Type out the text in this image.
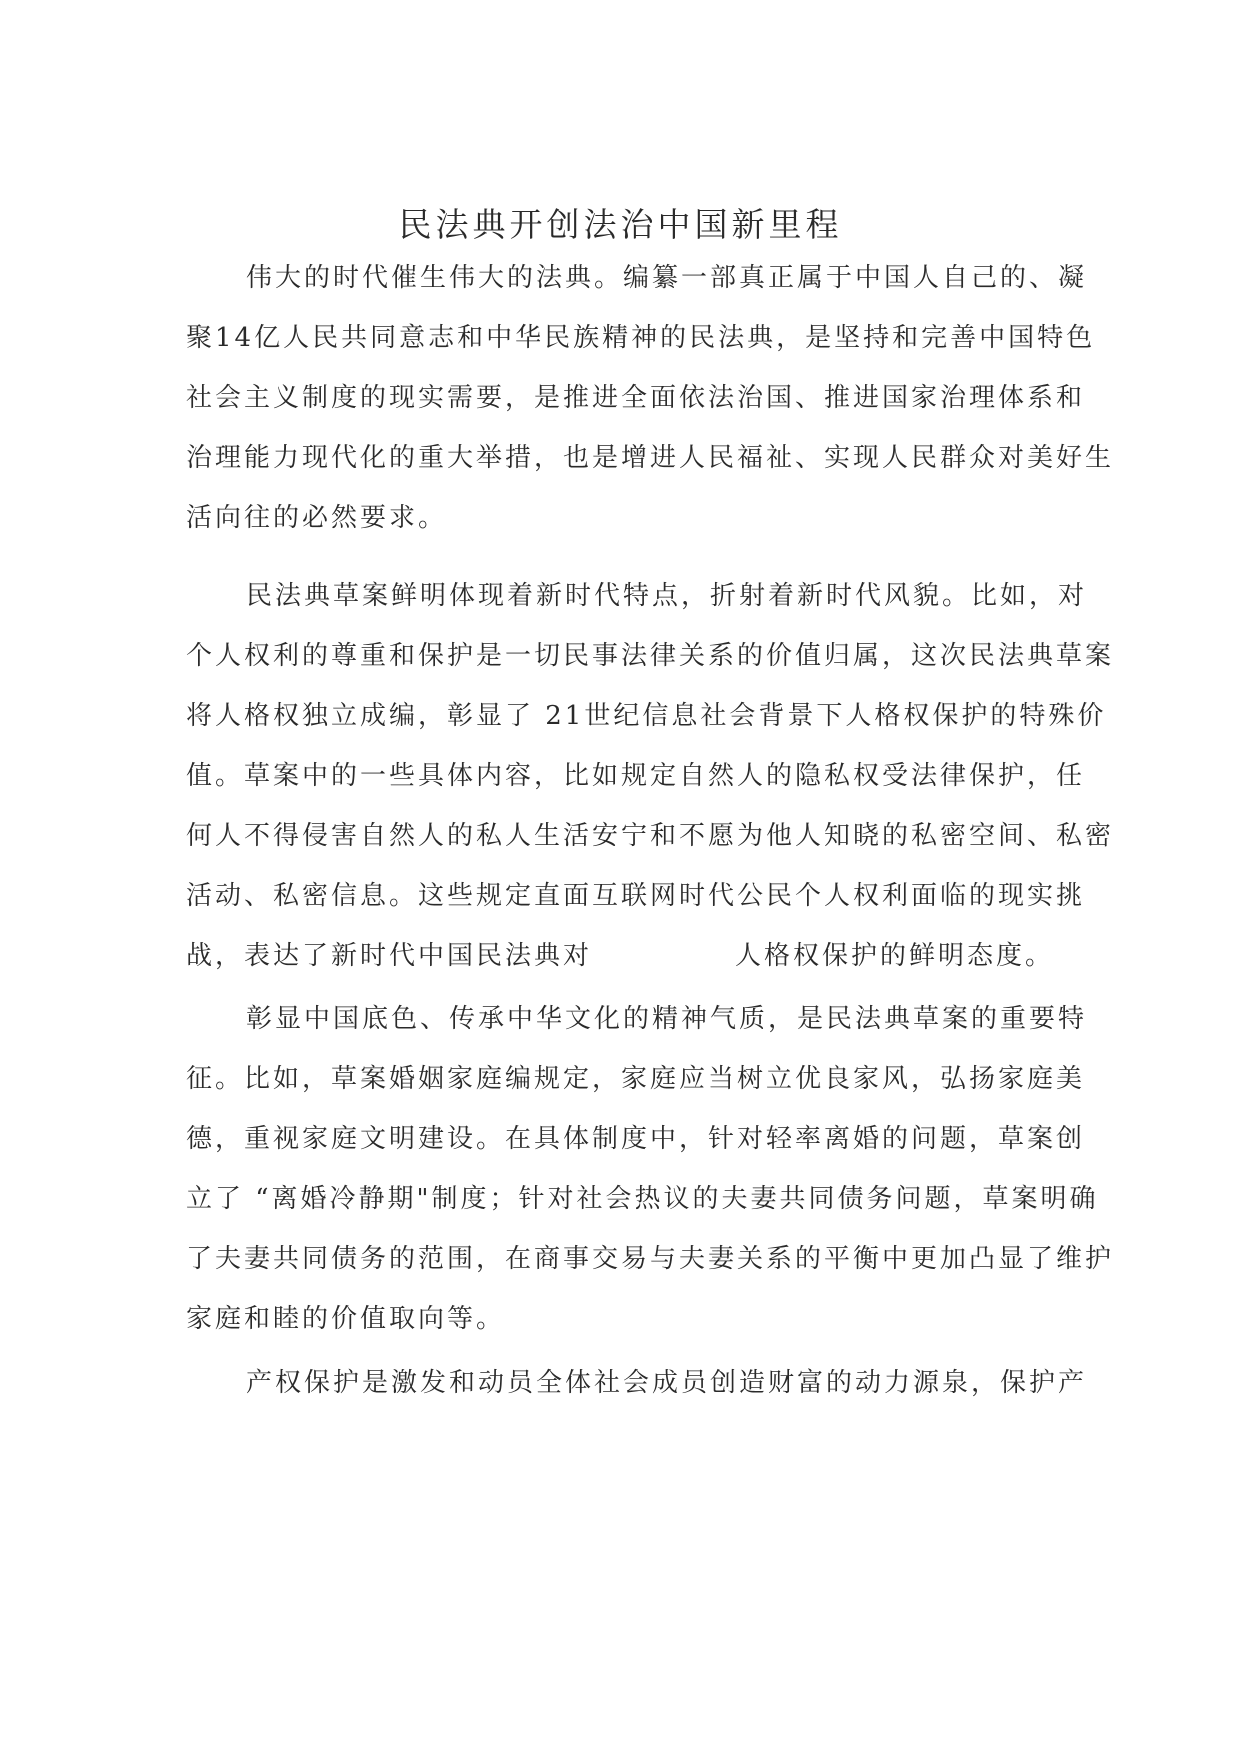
民法典开创法治中国新里程

伟大的时代催生伟大的法典。编纂一部真正属于中国人自己 的、凝

聚14亿人民共同意志和中华民族精神的民法典，是坚持和完 善中国特色

社会主义制度的现实需要，是推进全面依法治国、推进 国家治理体系和

治理能力现代化的重大举措，也是增进人民福祉、 实现人民群众对美好生

活向往的必然要求。

民法典草案鲜明体现着新时代特点，折射着新时代风貌。比 如，对

个人权利的尊重和保护是一切民事法律关系的价值归属，这 次民法典草案

将人格权独立成编，彰显了 21世纪信息社会背景下人 格权保护的特殊价

值。草案中的一些具体内容，比如规定自然人的 隐私权受法律保护，任

何人不得侵害自然人的私人生活安宁和不愿 为他人知晓的私密空间、私密

活动、私密信息。这些规定直面互联 网时代公民个人权利面临的现实挑

战，表达了新时代中国民法典对	人格权保护的鲜明态度。

彰显中国底色、传承中华文化的精神气质，是民法典草案的重 要特

征。比如，草案婚姻家庭编规定，家庭应当树立优良家风，弘 扬家庭美

德，重视家庭文明建设。在具体制度中，针对轻率离婚的 问题，草案创

立了 “离婚冷静期"制度；针对社会热议的夫妻共同 债务问题，草案明确

了夫妻共同债务的范围，在商事交易与夫妻关 系的平衡中更加凸显了维护

家庭和睦的价值取向等。

产权保护是激发和动员全体社会成员创造财富的动力源泉，保 护产
